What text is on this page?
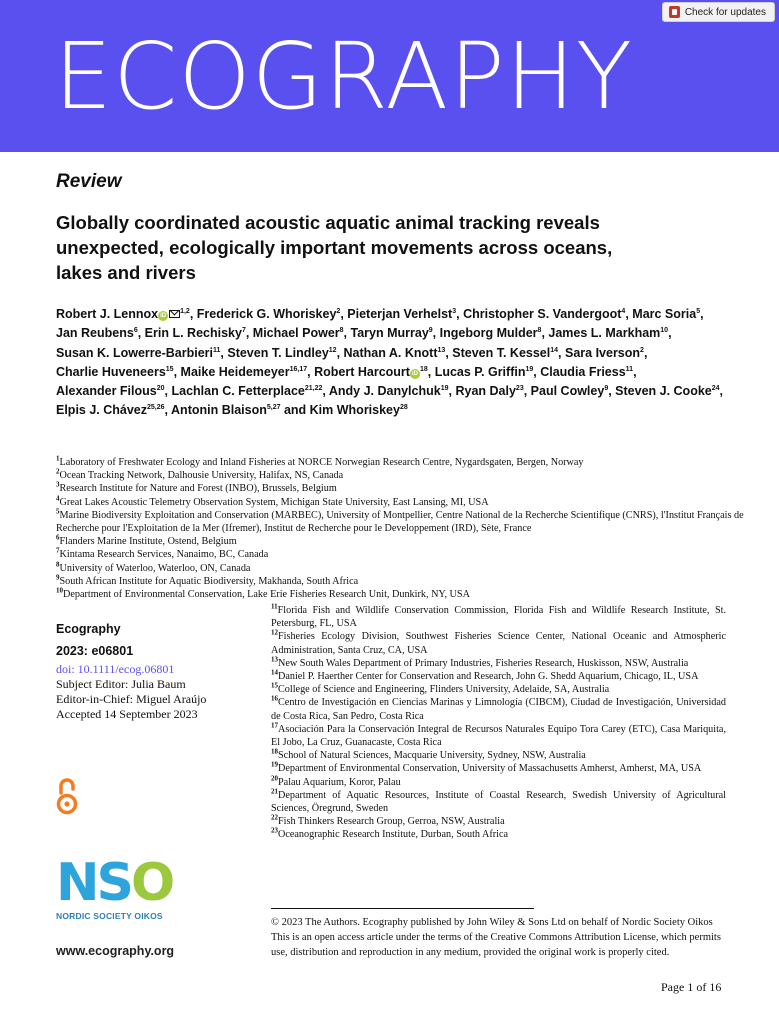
ECOGRAPHY
Check for updates
Review
Globally coordinated acoustic aquatic animal tracking reveals unexpected, ecologically important movements across oceans, lakes and rivers
Robert J. Lennox iD$^{1,2}$, Frederick G. Whoriskey$^2$, Pieterjan Verhelst$^3$, Christopher S. Vandergoot$^4$, Marc Soria$^5$, Jan Reubens$^6$, Erin L. Rechisky$^7$, Michael Power$^8$, Taryn Murray$^9$, Ingeborg Mulder$^8$, James L. Markham$^{10}$, Susan K. Lowerre-Barbieri$^{11}$, Steven T. Lindley$^{12}$, Nathan A. Knott$^{13}$, Steven T. Kessel$^{14}$, Sara Iverson$^2$, Charlie Huveneers$^{15}$, Maike Heidemeyer$^{16,17}$, Robert Harcourt $iD^{18}$, Lucas P. Griffin$^{19}$, Claudia Friess$^{11}$, Alexander Filous$^{20}$, Lachlan C. Fetterplace$^{21,22}$, Andy J. Danylchuk$^{19}$, Ryan Daly$^{23}$, Paul Cowley$^9$, Steven J. Cooke$^{24}$, Elpis J. Chávez$^{25,26}$, Antonin Blaison$^{5,27}$ and Kim Whoriskey$^{28}$
$^1$Laboratory of Freshwater Ecology and Inland Fisheries at NORCE Norwegian Research Centre, Nygardsgaten, Bergen, Norway
$^2$Ocean Tracking Network, Dalhousie University, Halifax, NS, Canada
$^3$Research Institute for Nature and Forest (INBO), Brussels, Belgium
$^4$Great Lakes Acoustic Telemetry Observation System, Michigan State University, East Lansing, MI, USA
$^5$Marine Biodiversity Exploitation and Conservation (MARBEC), University of Montpellier, Centre National de la Recherche Scientifique (CNRS), l'Institut Français de Recherche pour l'Exploitation de la Mer (Ifremer), Institut de Recherche pour le Developpement (IRD), Sète, France
$^6$Flanders Marine Institute, Ostend, Belgium
$^7$Kintama Research Services, Nanaimo, BC, Canada
$^8$University of Waterloo, Waterloo, ON, Canada
$^9$South African Institute for Aquatic Biodiversity, Makhanda, South Africa
$^{10}$Department of Environmental Conservation, Lake Erie Fisheries Research Unit, Dunkirk, NY, USA
$^{11}$Florida Fish and Wildlife Conservation Commission, Florida Fish and Wildlife Research Institute, St. Petersburg, FL, USA
$^{12}$Fisheries Ecology Division, Southwest Fisheries Science Center, National Oceanic and Atmospheric Administration, Santa Cruz, CA, USA
$^{13}$New South Wales Department of Primary Industries, Fisheries Research, Huskisson, NSW, Australia
$^{14}$Daniel P. Haerther Center for Conservation and Research, John G. Shedd Aquarium, Chicago, IL, USA
$^{15}$College of Science and Engineering, Flinders University, Adelaide, SA, Australia
$^{16}$Centro de Investigación en Ciencias Marinas y Limnología (CIBCM), Ciudad de Investigación, Universidad de Costa Rica, San Pedro, Costa Rica
$^{17}$Asociación Para la Conservación Integral de Recursos Naturales Equipo Tora Carey (ETC), Casa Mariquita, El Jobo, La Cruz, Guanacaste, Costa Rica
$^{18}$School of Natural Sciences, Macquarie University, Sydney, NSW, Australia
$^{19}$Department of Environmental Conservation, University of Massachusetts Amherst, Amherst, MA, USA
$^{20}$Palau Aquarium, Koror, Palau
$^{21}$Department of Aquatic Resources, Institute of Coastal Research, Swedish University of Agricultural Sciences, Öregrund, Sweden
$^{22}$Fish Thinkers Research Group, Gerroa, NSW, Australia
$^{23}$Oceanographic Research Institute, Durban, South Africa
Ecography
2023: e06801
doi: 10.1111/ecog.06801
Subject Editor: Julia Baum
Editor-in-Chief: Miguel Araújo
Accepted 14 September 2023
NSO
NORDIC SOCIETY OIKOS
www.ecography.org

© 2023 The Authors. Ecography published by John Wiley & Sons Ltd on behalf of Nordic Society Oikos

This is an open access article under the terms of the Creative Commons Attribution License, which permits use, distribution and reproduction in any medium, provided the original work is properly cited.

Page 1 of 16
